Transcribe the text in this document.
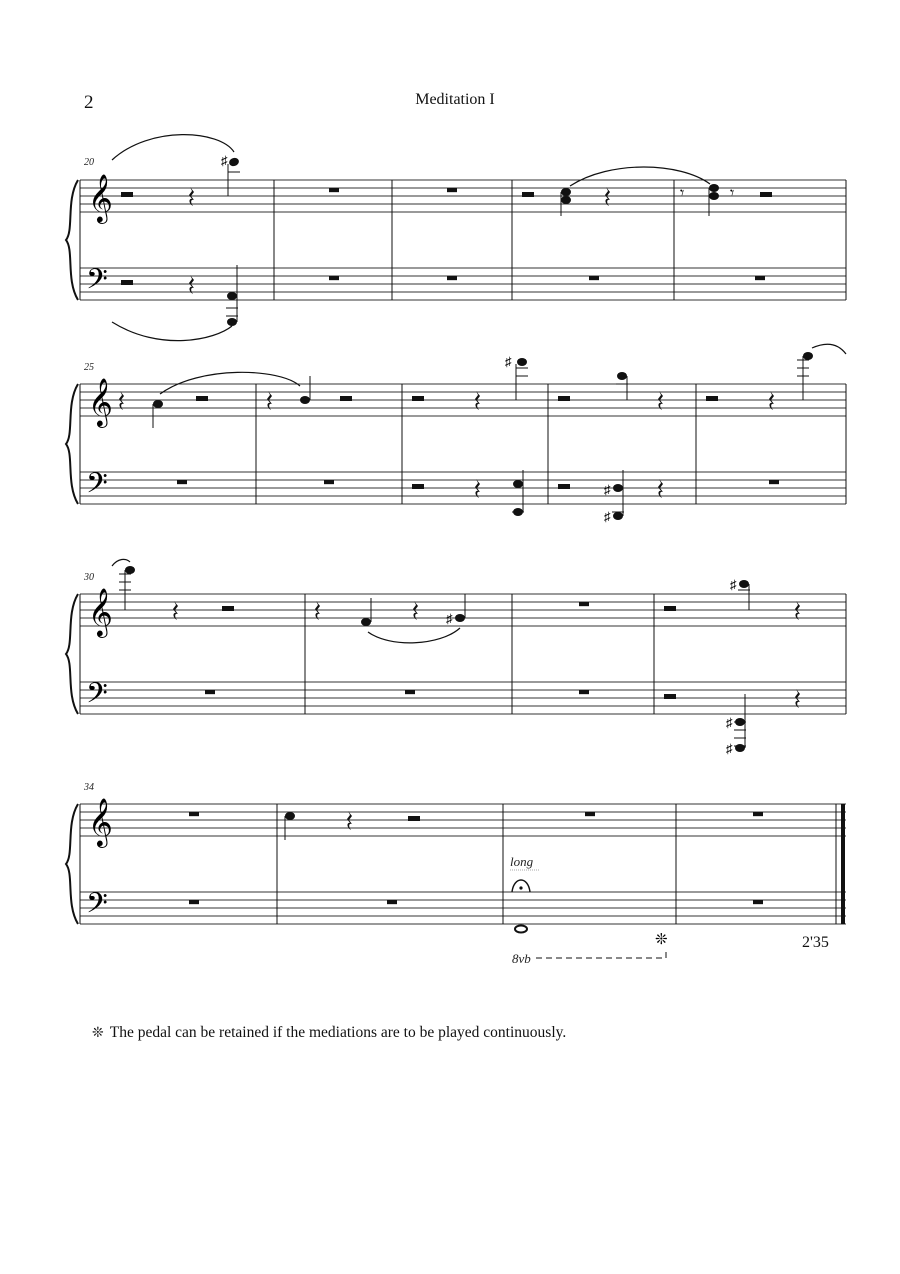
2	Meditation I
20
𝄞
𝄢
♯
𝄾	𝄾
25
𝄞
𝄢
♯
♯
♯
30
𝄞
𝄢
♯
♯
♯
♯
34
𝄞
𝄢
long
8vb
❊	2'35
❊ The pedal can be retained if the mediations are to be played continuously.
